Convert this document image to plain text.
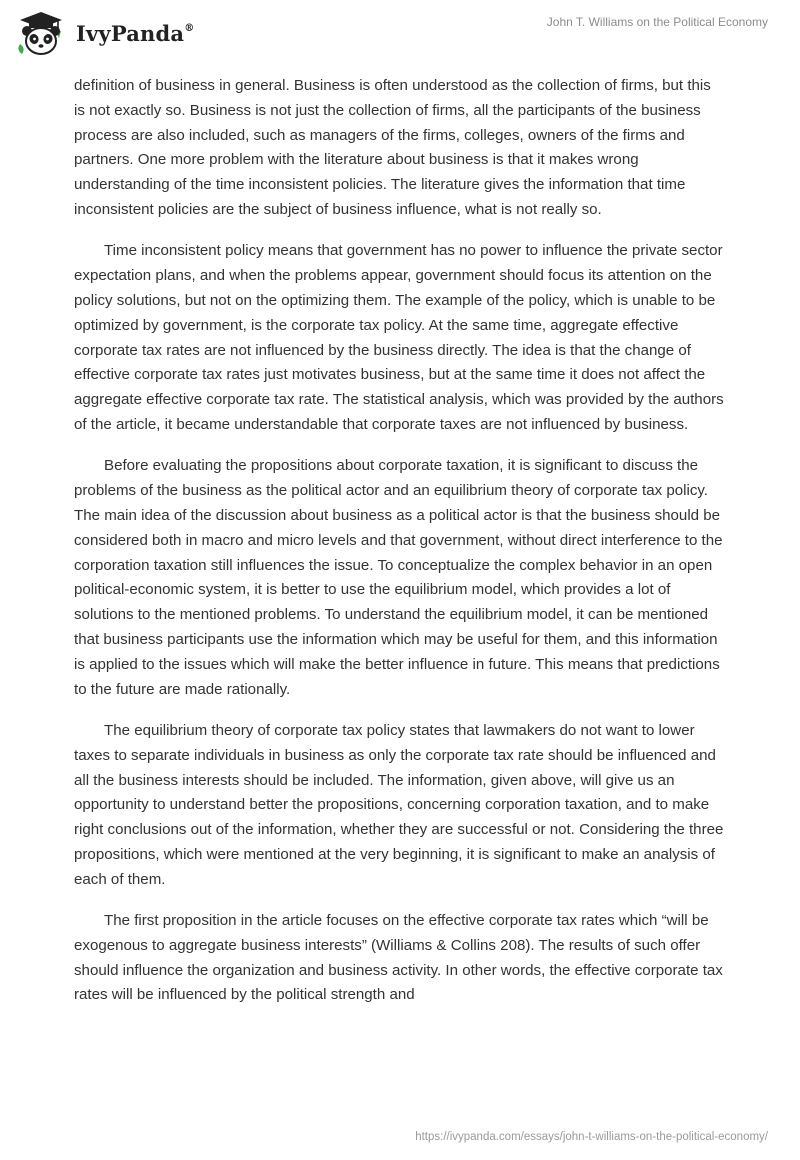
IvyPanda®	John T. Williams on the Political Economy

definition of business in general. Business is often understood as the collection of firms, but this is not exactly so. Business is not just the collection of firms, all the participants of the business process are also included, such as managers of the firms, colleges, owners of the firms and partners. One more problem with the literature about business is that it makes wrong understanding of the time inconsistent policies. The literature gives the information that time inconsistent policies are the subject of business influence, what is not really so.

Time inconsistent policy means that government has no power to influence the private sector expectation plans, and when the problems appear, government should focus its attention on the policy solutions, but not on the optimizing them. The example of the policy, which is unable to be optimized by government, is the corporate tax policy. At the same time, aggregate effective corporate tax rates are not influenced by the business directly. The idea is that the change of effective corporate tax rates just motivates business, but at the same time it does not affect the aggregate effective corporate tax rate. The statistical analysis, which was provided by the authors of the article, it became understandable that corporate taxes are not influenced by business.

Before evaluating the propositions about corporate taxation, it is significant to discuss the problems of the business as the political actor and an equilibrium theory of corporate tax policy. The main idea of the discussion about business as a political actor is that the business should be considered both in macro and micro levels and that government, without direct interference to the corporation taxation still influences the issue. To conceptualize the complex behavior in an open political-economic system, it is better to use the equilibrium model, which provides a lot of solutions to the mentioned problems. To understand the equilibrium model, it can be mentioned that business participants use the information which may be useful for them, and this information is applied to the issues which will make the better influence in future. This means that predictions to the future are made rationally.

The equilibrium theory of corporate tax policy states that lawmakers do not want to lower taxes to separate individuals in business as only the corporate tax rate should be influenced and all the business interests should be included. The information, given above, will give us an opportunity to understand better the propositions, concerning corporation taxation, and to make right conclusions out of the information, whether they are successful or not. Considering the three propositions, which were mentioned at the very beginning, it is significant to make an analysis of each of them.

The first proposition in the article focuses on the effective corporate tax rates which “will be exogenous to aggregate business interests” (Williams & Collins 208). The results of such offer should influence the organization and business activity. In other words, the effective corporate tax rates will be influenced by the political strength and

https://ivypanda.com/essays/john-t-williams-on-the-political-economy/
